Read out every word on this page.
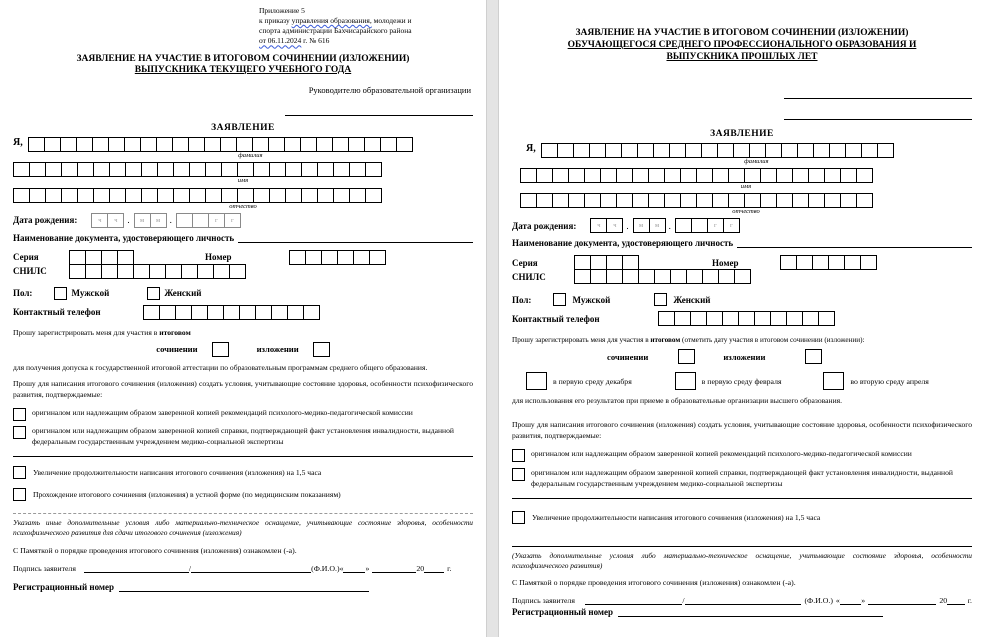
Приложение 5
к приказу управления образования, молодежи и
спорта администрации Бахчисарайского района
от 06.11.2024 г. № 616
ЗАЯВЛЕНИЕ НА УЧАСТИЕ В ИТОГОВОМ СОЧИНЕНИИ (ИЗЛОЖЕНИИ)
ВЫПУСКНИКА ТЕКУЩЕГО УЧЕБНОГО ГОДА
Руководителю образовательной организации
ЗАЯВЛЕНИЕ
Я,
фамилия
имя
отчество
Дата рождения:	ч	ч	.	м	м	.	г	г
Наименование документа, удостоверяющего личность
Серия	Номер
СНИЛС
Пол:	Мужской	Женский
Контактный телефон
Прошу зарегистрировать меня для участия в итоговом
сочинении	изложении
для получения допуска к государственной итоговой аттестации по образовательным программам среднего общего образования.
Прошу для написания итогового сочинения (изложения) создать условия, учитывающие состояние здоровья, особенности психофизического развития, подтверждаемые:
оригиналом или надлежащим образом заверенной копией рекомендаций психолого-медико-педагогической комиссии
оригиналом или надлежащим образом заверенной копией справки, подтверждающей факт установления инвалидности, выданной федеральным государственным учреждением медико-социальной экспертизы
Увеличение продолжительности написания итогового сочинения (изложения) на 1,5 часа
Прохождение итогового сочинения (изложения) в устной форме (по медицинским показаниям)
Указать иные дополнительные условия либо материально-техническое оснащение, учитывающие состояние здоровья, особенности психофизического развития для сдачи итогового сочинения (изложения)
С Памяткой о порядке проведения итогового сочинения (изложения) ознакомлен (-а).
Подпись заявителя	/	(Ф.И.О.) «	»	20	г.
Регистрационный номер
ЗАЯВЛЕНИЕ НА УЧАСТИЕ В ИТОГОВОМ СОЧИНЕНИИ (ИЗЛОЖЕНИИ)
ОБУЧАЮЩЕГОСЯ СРЕДНЕГО ПРОФЕССИОНАЛЬНОГО ОБРАЗОВАНИЯ И
ВЫПУСКНИКА ПРОШЛЫХ ЛЕТ
ЗАЯВЛЕНИЕ
Я,
фамилия
имя
отчество
Дата рождения:	ч	ч	.	м	м	.	г	г
Наименование документа, удостоверяющего личность
Серия	Номер
СНИЛС
Пол:	Мужской	Женский
Контактный телефон
Прошу зарегистрировать меня для участия в итоговом (отметить дату участия в итоговом сочинении (изложении):
сочинении	изложении
в первую среду декабря	в первую среду февраля	во вторую среду апреля
для использования его результатов при приеме в образовательные организации высшего образования.
Прошу для написания итогового сочинения (изложения) создать условия, учитывающие состояние здоровья, особенности психофизического развития, подтверждаемые:
оригиналом или надлежащим образом заверенной копией рекомендаций психолого-медико-педагогической комиссии
оригиналом или надлежащим образом заверенной копией справки, подтверждающей факт установления инвалидности, выданной федеральным государственным учреждением медико-социальной экспертизы
Увеличение продолжительности написания итогового сочинения (изложения) на 1,5 часа
(Указать дополнительные условия либо материально-техническое оснащение, учитывающие состояние здоровья, особенности психофизического развития)
С Памяткой о порядке проведения итогового сочинения (изложения) ознакомлен (-а).
Подпись заявителя	/	(Ф.И.О.) «	»	20	г.
Регистрационный номер
